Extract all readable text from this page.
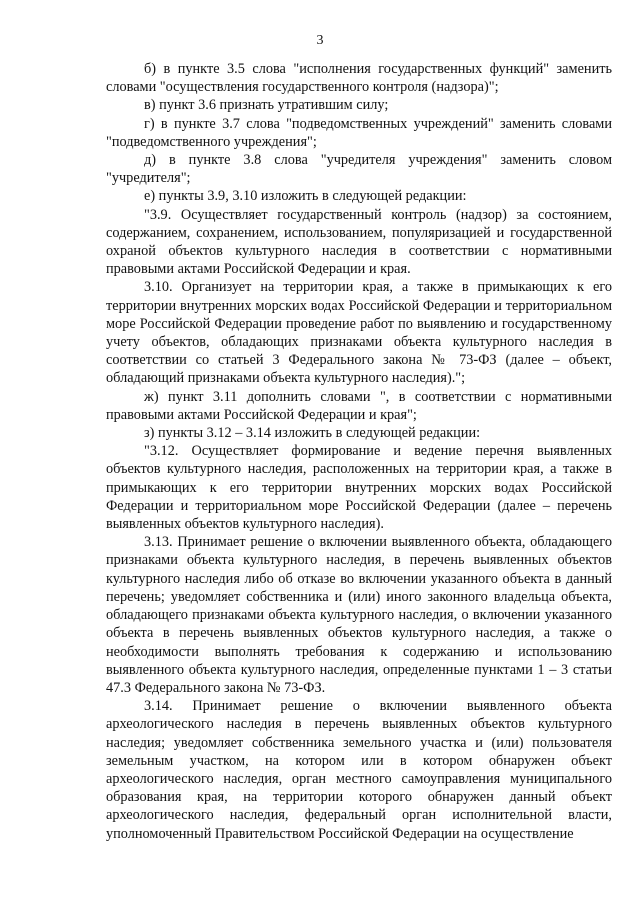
3

б) в пункте 3.5 слова "исполнения государственных функций" заменить словами "осуществления государственного контроля (надзора)";

в) пункт 3.6 признать утратившим силу;

г) в пункте 3.7 слова "подведомственных учреждений" заменить словами "подведомственного учреждения";

д) в пункте 3.8 слова "учредителя учреждения" заменить словом "учредителя";

е) пункты 3.9, 3.10 изложить в следующей редакции:

"3.9. Осуществляет государственный контроль (надзор) за состоянием, содержанием, сохранением, использованием, популяризацией и государственной охраной объектов культурного наследия в соответствии с нормативными правовыми актами Российской Федерации и края.

3.10. Организует на территории края, а также в примыкающих к его территории внутренних морских водах Российской Федерации и территориальном море Российской Федерации проведение работ по выявлению и государственному учету объектов, обладающих признаками объекта культурного наследия в соответствии со статьей 3 Федерального закона № 73-ФЗ (далее – объект, обладающий признаками объекта культурного наследия).";

ж) пункт 3.11 дополнить словами ", в соответствии с нормативными правовыми актами Российской Федерации и края";

з) пункты 3.12 – 3.14 изложить в следующей редакции:

"3.12. Осуществляет формирование и ведение перечня выявленных объектов культурного наследия, расположенных на территории края, а также в примыкающих к его территории внутренних морских водах Российской Федерации и территориальном море Российской Федерации (далее – перечень выявленных объектов культурного наследия).

3.13. Принимает решение о включении выявленного объекта, обладающего признаками объекта культурного наследия, в перечень выявленных объектов культурного наследия либо об отказе во включении указанного объекта в данный перечень; уведомляет собственника и (или) иного законного владельца объекта, обладающего признаками объекта культурного наследия, о включении указанного объекта в перечень выявленных объектов культурного наследия, а также о необходимости выполнять требования к содержанию и использованию выявленного объекта культурного наследия, определенные пунктами 1 – 3 статьи 47.3 Федерального закона № 73-ФЗ.

3.14. Принимает решение о включении выявленного объекта археологического наследия в перечень выявленных объектов культурного наследия; уведомляет собственника земельного участка и (или) пользователя земельным участком, на котором или в котором обнаружен объект археологического наследия, орган местного самоуправления муниципального образования края, на территории которого обнаружен данный объект археологического наследия, федеральный орган исполнительной власти, уполномоченный Правительством Российской Федерации на осуществление
